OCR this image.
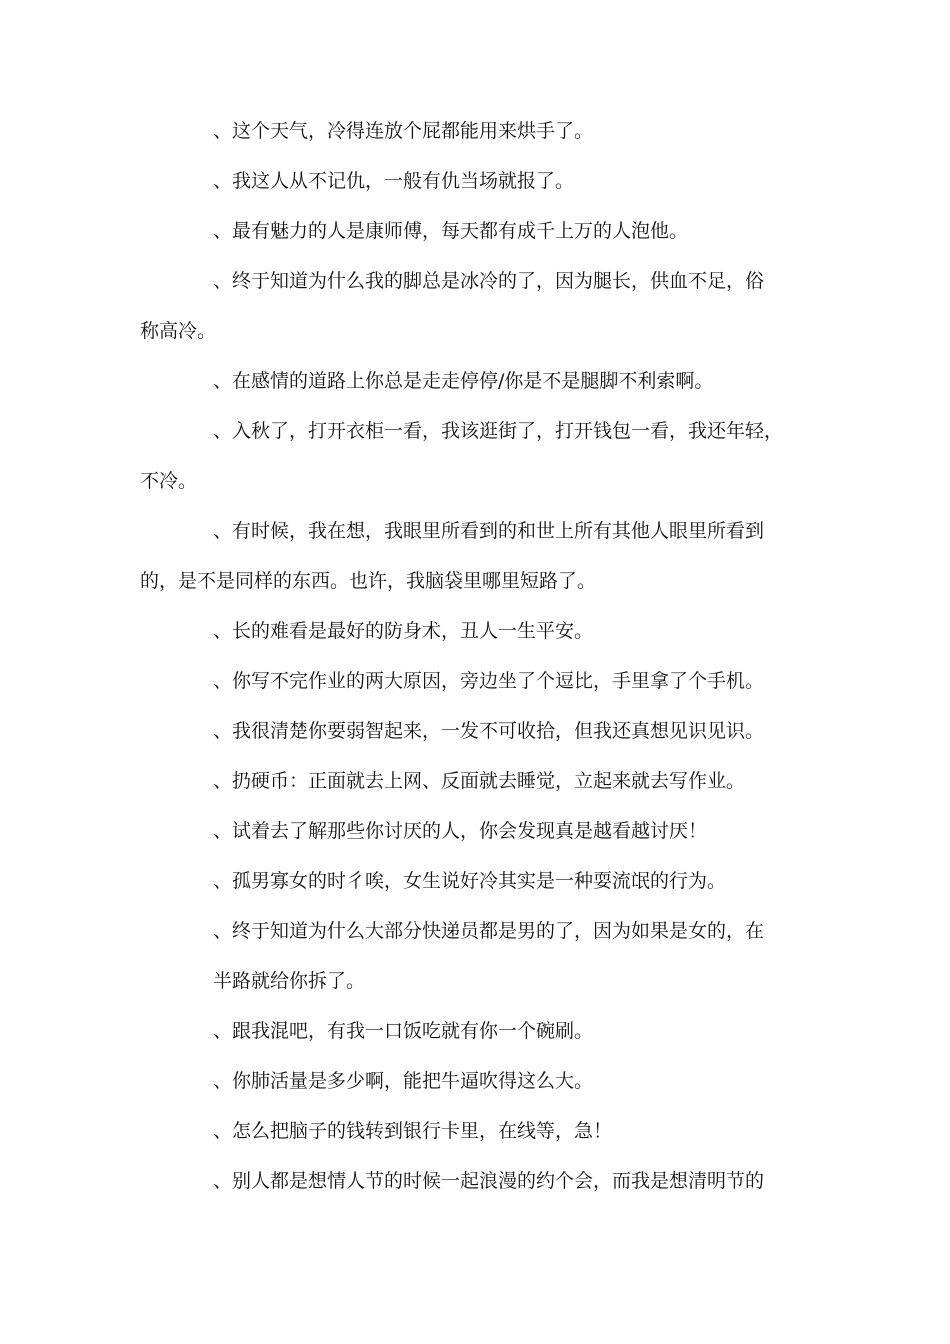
、这个天气，冷得连放个屁都能用来烘手了。
、我这人从不记仇，一般有仇当场就报了。
、最有魅力的人是康师傅，每天都有成千上万的人泡他。
、终于知道为什么我的脚总是冰冷的了，因为腿长，供血不足，俗
称高冷。
、在感情的道路上你总是走走停停/你是不是腿脚不利索啊。
、入秋了，打开衣柜一看，我该逛街了，打开钱包一看，我还年轻，
不冷。
、有时候，我在想，我眼里所看到的和世上所有其他人眼里所看到
的，是不是同样的东西。也许，我脑袋里哪里短路了。
、长的难看是最好的防身术，丑人一生平安。
、你写不完作业的两大原因，旁边坐了个逗比，手里拿了个手机。
、我很清楚你要弱智起来，一发不可收拾，但我还真想见识见识。
、扔硬币：正面就去上网、反面就去睡觉，立起来就去写作业。
、试着去了解那些你讨厌的人，你会发现真是越看越讨厌！
、孤男寡女的时彳唉，女生说好冷其实是一种耍流氓的行为。
、终于知道为什么大部分快递员都是男的了，因为如果是女的，在
半路就给你拆了。
、跟我混吧，有我一口饭吃就有你一个碗刷。
、你肺活量是多少啊，能把牛逼吹得这么大。
、怎么把脑子的钱转到银行卡里，在线等，急！
、别人都是想情人节的时候一起浪漫的约个会，而我是想清明节的
